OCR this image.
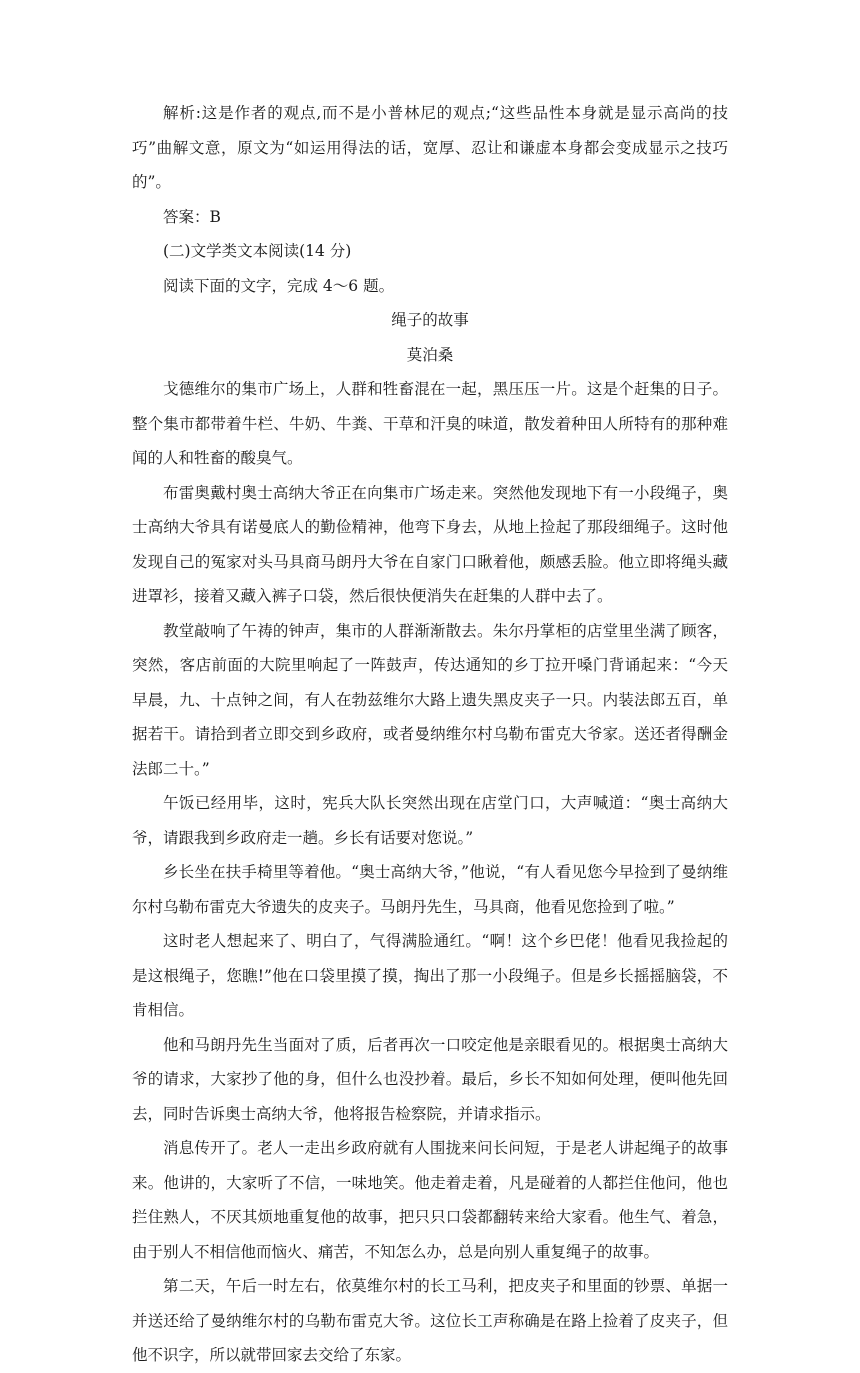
解析:这是作者的观点,而不是小普林尼的观点;“这些品性本身就是显示高尚的技巧”曲解文意，原文为“如运用得法的话，宽厚、忍让和谦虚本身都会变成显示之技巧的”。

答案：B

(二)文学类文本阅读(14 分)

阅读下面的文字，完成 4～6 题。

绳子的故事

莫泊桑

戈德维尔的集市广场上，人群和牲畜混在一起，黑压压一片。这是个赶集的日子。整个集市都带着牛栏、牛奶、牛粪、干草和汗臭的味道，散发着种田人所特有的那种难闻的人和牲畜的酸臭气。

布雷奥戴村奥士高纳大爷正在向集市广场走来。突然他发现地下有一小段绳子，奥士高纳大爷具有诺曼底人的勤俭精神，他弯下身去，从地上捡起了那段细绳子。这时他发现自己的冤家对头马具商马朗丹大爷在自家门口瞅着他，颇感丢脸。他立即将绳头藏进罩衫，接着又藏入裤子口袋，然后很快便消失在赶集的人群中去了。

教堂敲响了午祷的钟声，集市的人群渐渐散去。朱尔丹掌柜的店堂里坐满了顾客，突然，客店前面的大院里响起了一阵鼓声，传达通知的乡丁拉开嗓门背诵起来：“今天早晨，九、十点钟之间，有人在勃兹维尔大路上遗失黑皮夹子一只。内装法郎五百，单据若干。请拾到者立即交到乡政府，或者曼纳维尔村乌勒布雷克大爷家。送还者得酬金法郎二十。”

午饭已经用毕，这时，宪兵大队长突然出现在店堂门口，大声喊道：“奥士高纳大爷，请跟我到乡政府走一趟。乡长有话要对您说。”

乡长坐在扶手椅里等着他。“奥士高纳大爷，”他说，“有人看见您今早捡到了曼纳维尔村乌勒布雷克大爷遗失的皮夹子。马朗丹先生，马具商，他看见您捡到了啦。”

这时老人想起来了、明白了，气得满脸通红。“啊！这个乡巴佬！他看见我捡起的是这根绳子，您瞧!”他在口袋里摸了摸，掏出了那一小段绳子。但是乡长摇摇脑袋，不肯相信。

他和马朗丹先生当面对了质，后者再次一口咬定他是亲眼看见的。根据奥士高纳大爷的请求，大家抄了他的身，但什么也没抄着。最后，乡长不知如何处理，便叫他先回去，同时告诉奥士高纳大爷，他将报告检察院，并请求指示。

消息传开了。老人一走出乡政府就有人围拢来问长问短，于是老人讲起绳子的故事来。他讲的，大家听了不信，一味地笑。他走着走着，凡是碰着的人都拦住他问，他也拦住熟人，不厌其烦地重复他的故事，把只只口袋都翻转来给大家看。他生气、着急，由于别人不相信他而恼火、痛苦，不知怎么办，总是向别人重复绳子的故事。

第二天，午后一时左右，依莫维尔村的长工马利，把皮夹子和里面的钞票、单据一并送还给了曼纳维尔村的乌勒布雷克大爷。这位长工声称确是在路上捡着了皮夹子，但他不识字，所以就带回家去交给了东家。
